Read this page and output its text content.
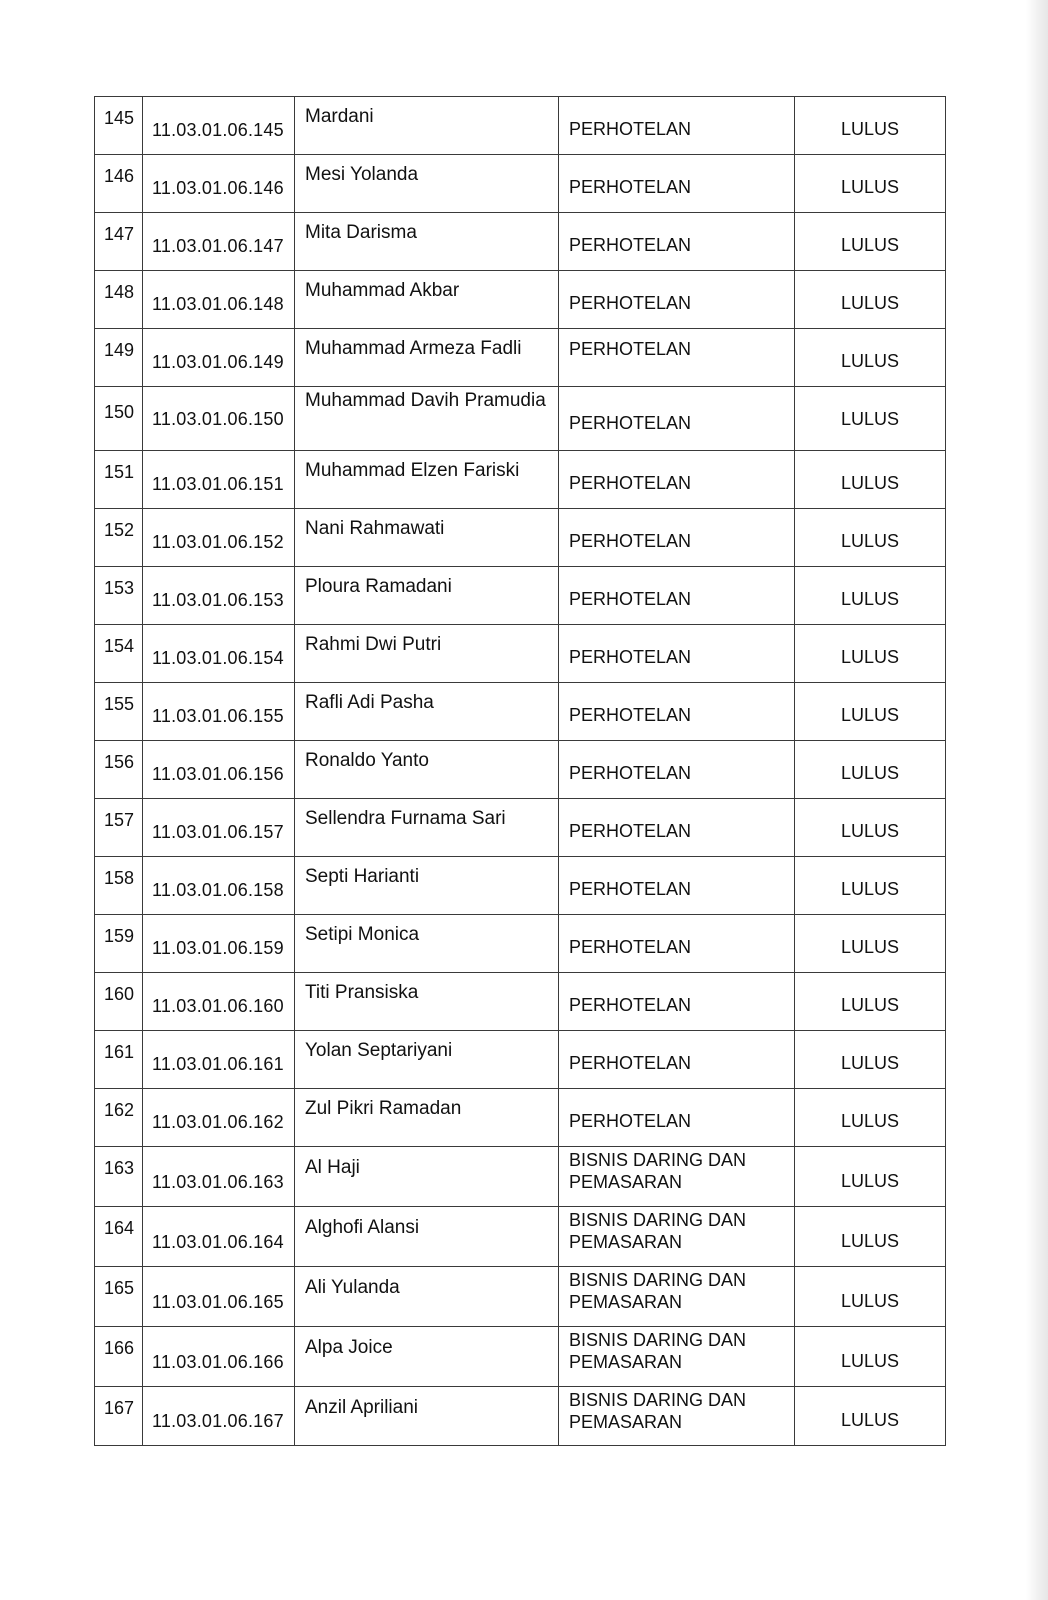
145	11.03.01.06.145	Mardani	PERHOTELAN	LULUS

146	11.03.01.06.146	Mesi Yolanda	PERHOTELAN	LULUS

147	11.03.01.06.147	Mita Darisma	PERHOTELAN	LULUS

148	11.03.01.06.148	Muhammad Akbar	PERHOTELAN	LULUS

149	11.03.01.06.149	Muhammad Armeza Fadli	PERHOTELAN	LULUS

150	11.03.01.06.150	Muhammad Davih Pramudia	PERHOTELAN	LULUS

151	11.03.01.06.151	Muhammad Elzen Fariski	PERHOTELAN	LULUS

152	11.03.01.06.152	Nani Rahmawati	PERHOTELAN	LULUS

153	11.03.01.06.153	Ploura Ramadani	PERHOTELAN	LULUS

154	11.03.01.06.154	Rahmi Dwi Putri	PERHOTELAN	LULUS

155	11.03.01.06.155	Rafli Adi Pasha	PERHOTELAN	LULUS

156	11.03.01.06.156	Ronaldo Yanto	PERHOTELAN	LULUS

157	11.03.01.06.157	Sellendra Furnama Sari	PERHOTELAN	LULUS

158	11.03.01.06.158	Septi Harianti	PERHOTELAN	LULUS

159	11.03.01.06.159	Setipi Monica	PERHOTELAN	LULUS

160	11.03.01.06.160	Titi Pransiska	PERHOTELAN	LULUS

161	11.03.01.06.161	Yolan Septariyani	PERHOTELAN	LULUS

162	11.03.01.06.162	Zul Pikri Ramadan	PERHOTELAN	LULUS

163	11.03.01.06.163	Al Haji	BISNIS DARING DAN PEMASARAN	LULUS

164	11.03.01.06.164	Alghofi Alansi	BISNIS DARING DAN PEMASARAN	LULUS

165	11.03.01.06.165	Ali Yulanda	BISNIS DARING DAN PEMASARAN	LULUS

166	11.03.01.06.166	Alpa Joice	BISNIS DARING DAN PEMASARAN	LULUS

167	11.03.01.06.167	Anzil Apriliani	BISNIS DARING DAN PEMASARAN	LULUS
